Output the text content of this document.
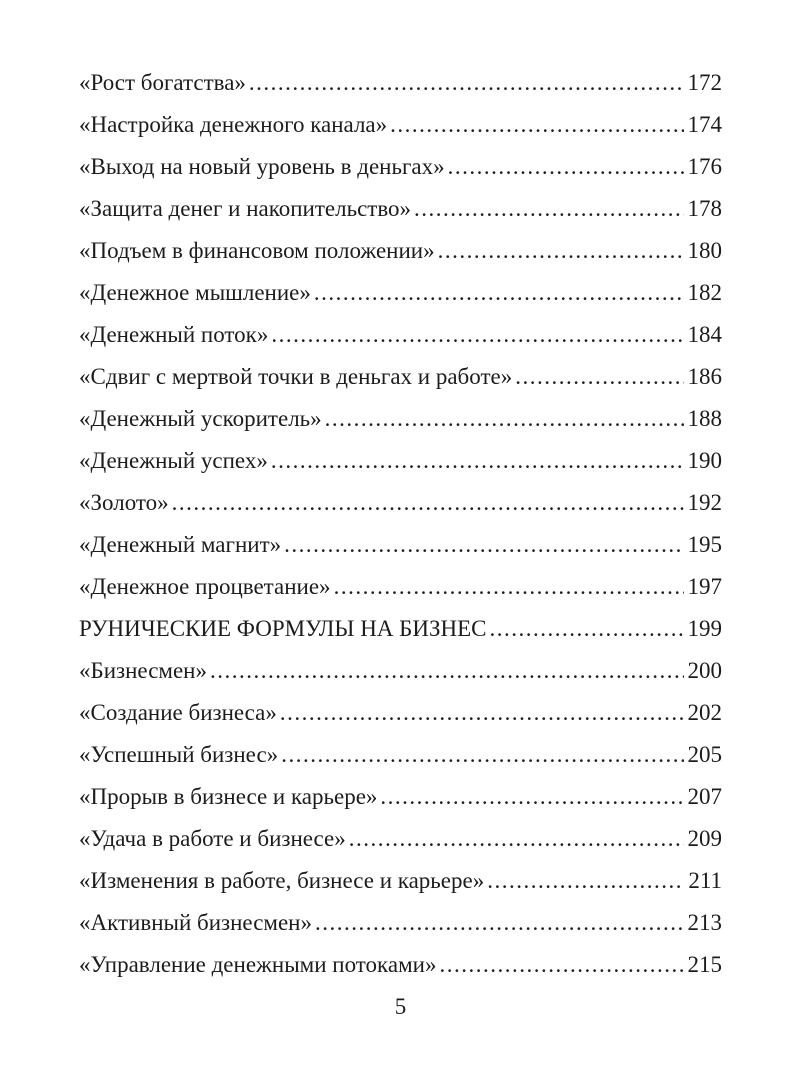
«Рост богатства» .....	172
«Настройка денежного канала» .....	174
«Выход на новый уровень в деньгах» .....	176
«Защита денег и накопительство» .....	178
«Подъем в финансовом положении» .....	180
«Денежное мышление» .....	182
«Денежный поток» .....	184
«Сдвиг с мертвой точки в деньгах и работе» .....	186
«Денежный ускоритель» .....	188
«Денежный успех» .....	190
«Золото» .....	192
«Денежный магнит» .....	195
«Денежное процветание» .....	197
РУНИЧЕСКИЕ ФОРМУЛЫ НА БИЗНЕС .....	199
«Бизнесмен» .....	200
«Создание бизнеса» .....	202
«Успешный бизнес» .....	205
«Прорыв в бизнесе и карьере» .....	207
«Удача в работе и бизнесе» .....	209
«Изменения в работе, бизнесе и карьере» .....	211
«Активный бизнесмен» .....	213
«Управление денежными потоками» .....	215
5
